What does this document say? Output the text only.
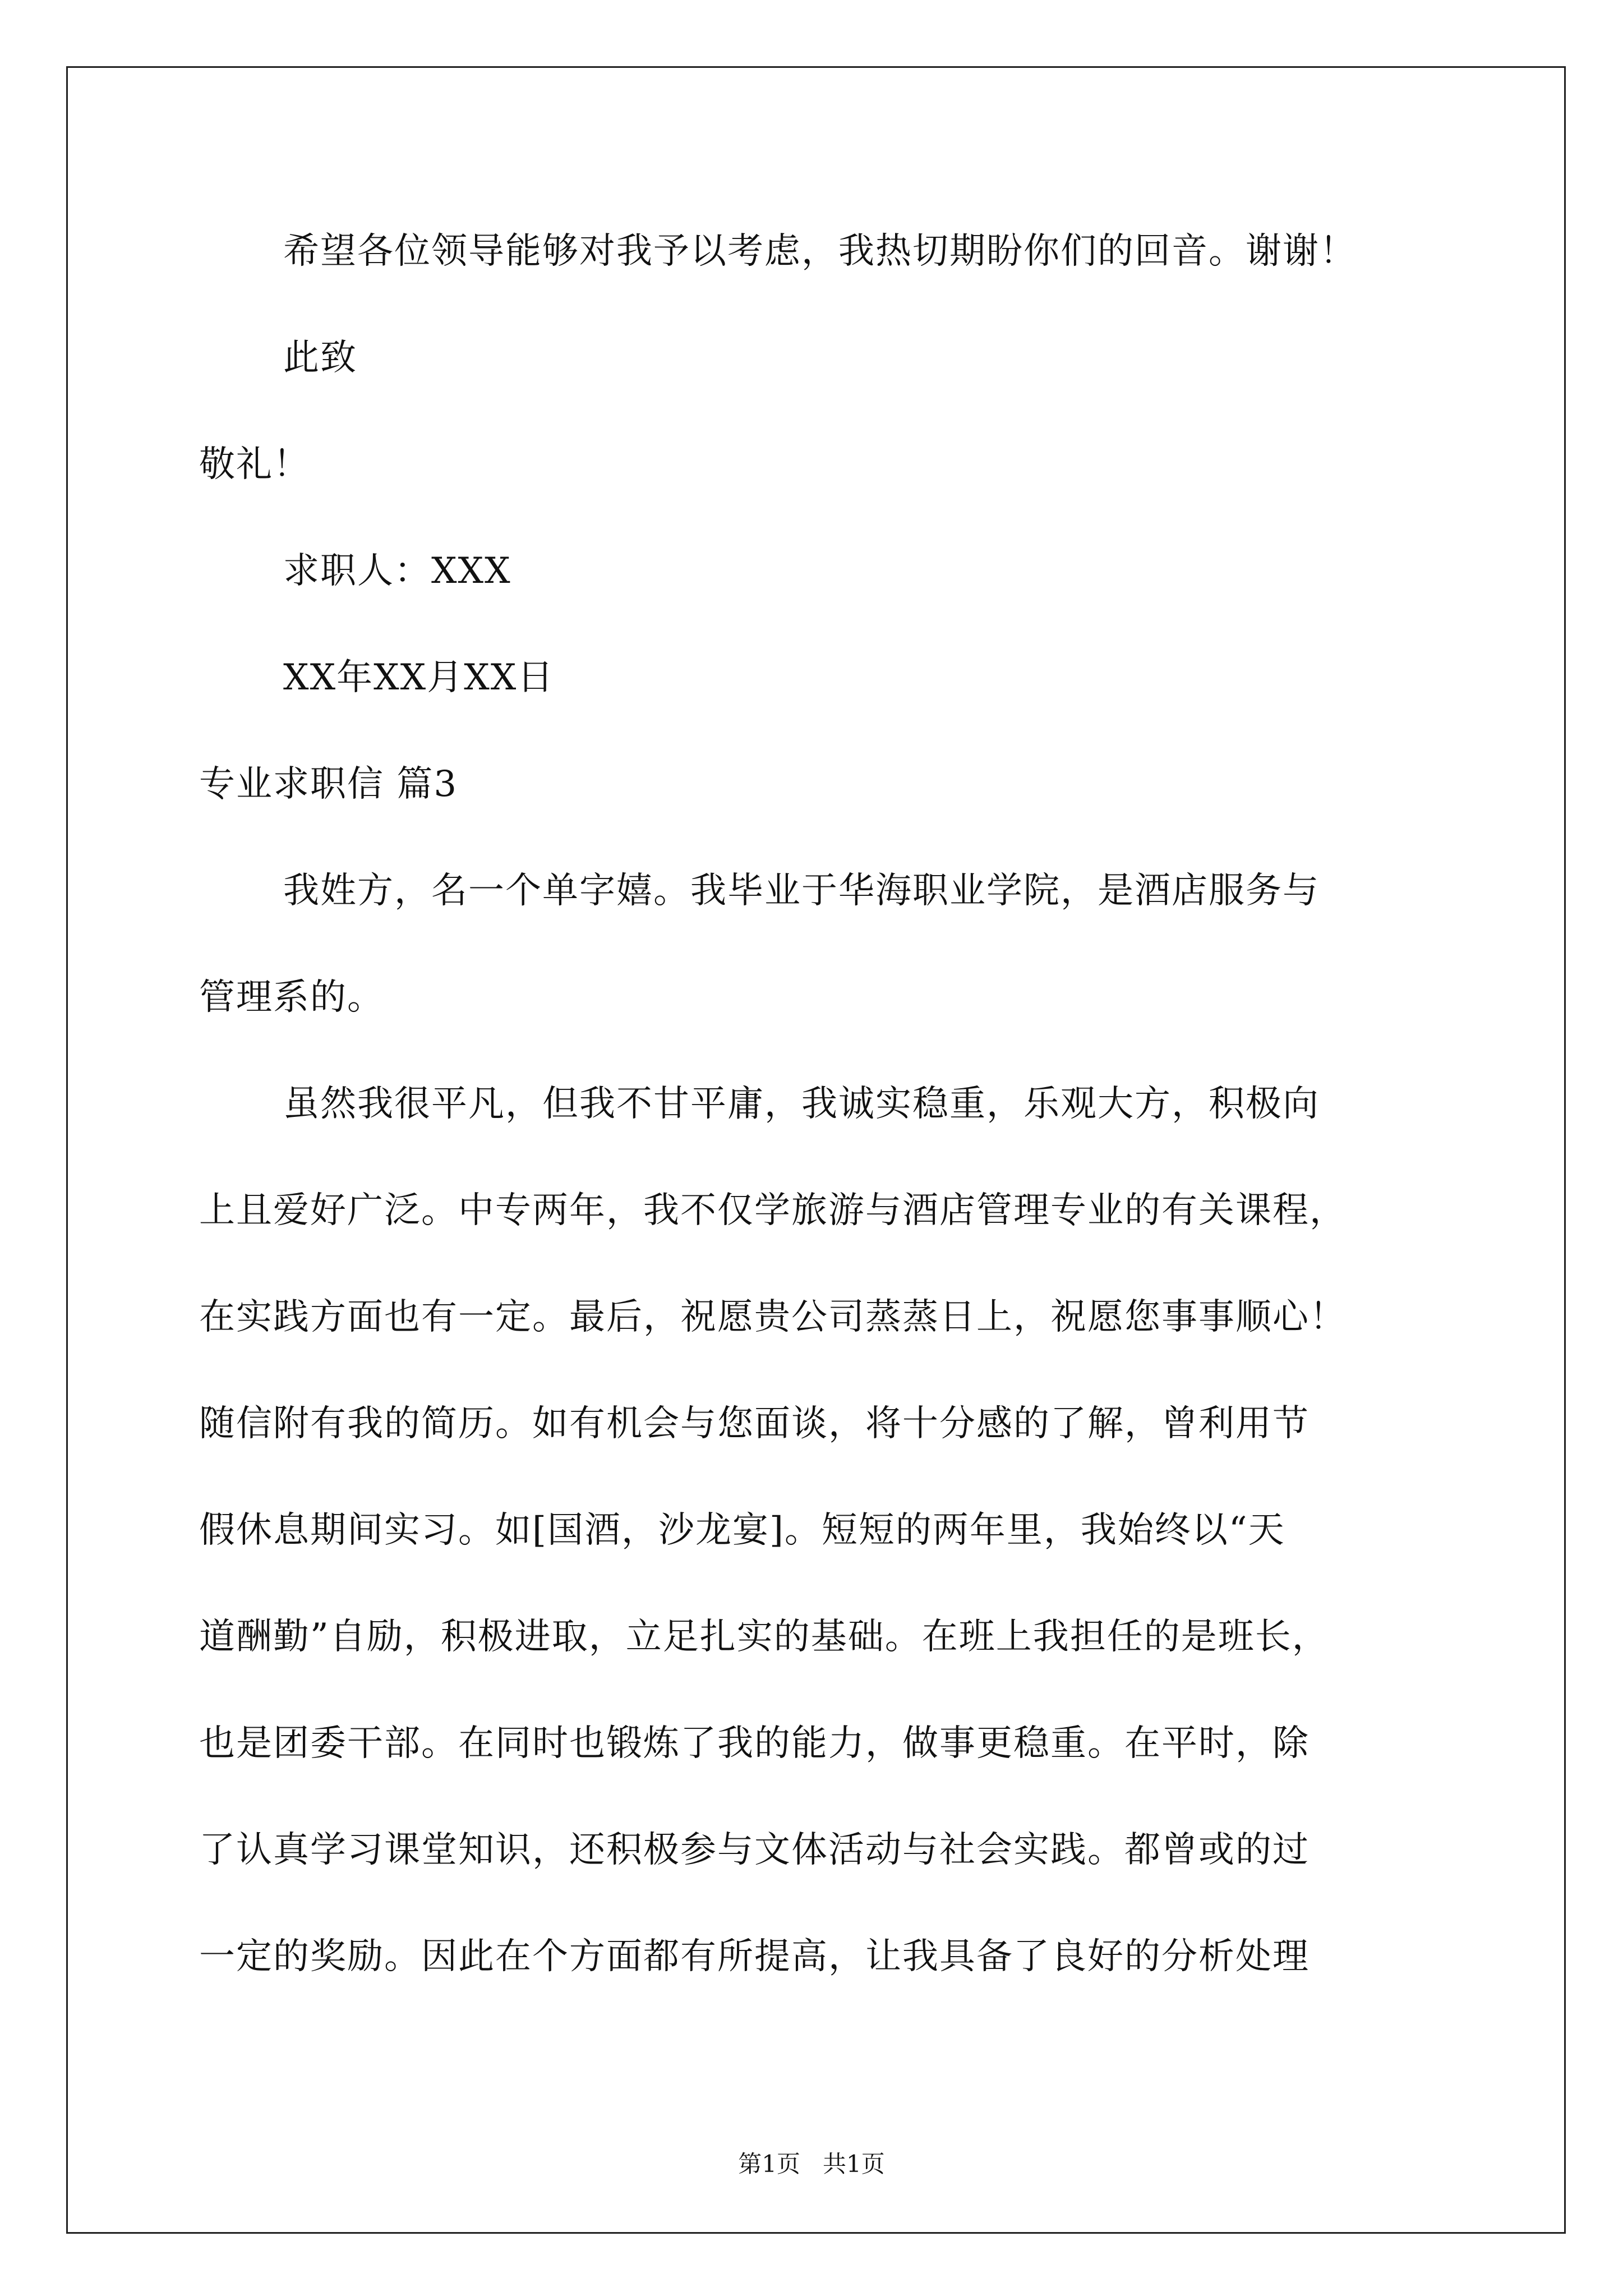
希望各位领导能够对我予以考虑，我热切期盼你们的回音。谢谢！
此致
敬礼！
求职人：XXX
XX年XX月XX日
专业求职信 篇3
我姓方，名一个单字嬉。我毕业于华海职业学院，是酒店服务与
管理系的。
虽然我很平凡，但我不甘平庸，我诚实稳重，乐观大方，积极向
上且爱好广泛。中专两年，我不仅学旅游与酒店管理专业的有关课程，
在实践方面也有一定。最后，祝愿贵公司蒸蒸日上，祝愿您事事顺心！
随信附有我的简历。如有机会与您面谈，将十分感的了解，曾利用节
假休息期间实习。如[国酒，沙龙宴]。短短的两年里，我始终以“天
道酬勤”自励，积极进取，立足扎实的基础。在班上我担任的是班长，
也是团委干部。在同时也锻炼了我的能力，做事更稳重。在平时，除
了认真学习课堂知识，还积极参与文体活动与社会实践。都曾或的过
一定的奖励。因此在个方面都有所提高，让我具备了良好的分析处理
第1页   共1页
